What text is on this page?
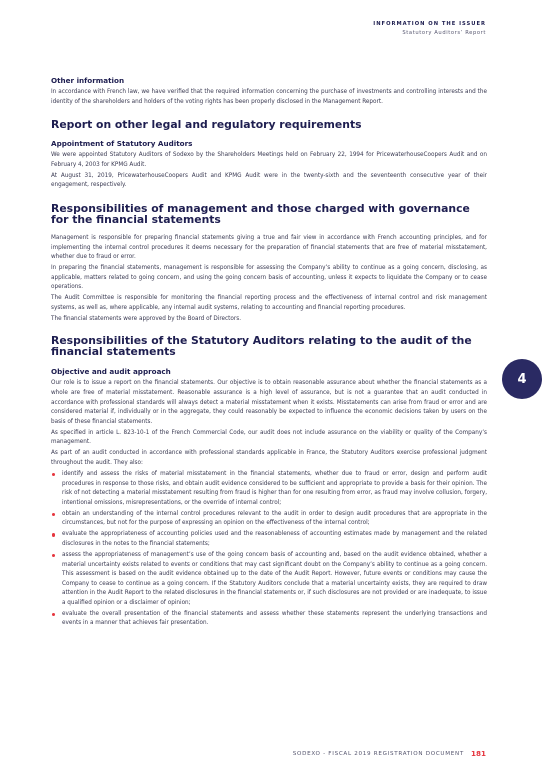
INFORMATION ON THE ISSUER
Statutory Auditors’ Report
Other information

In accordance with French law, we have verified that the required information concerning the purchase of investments and controlling interests and the identity of the shareholders and holders of the voting rights has been properly disclosed in the Management Report.

Report on other legal and regulatory requirements
Appointment of Statutory Auditors

We were appointed Statutory Auditors of Sodexo by the Shareholders Meetings held on February 22, 1994 for PricewaterhouseCoopers Audit and on February 4, 2003 for KPMG Audit.

At August 31, 2019, PricewaterhouseCoopers Audit and KPMG Audit were in the twenty-sixth and the seventeenth consecutive year of their engagement, respectively.

Responsibilities of management and those charged with governance for the financial statements

Management is responsible for preparing financial statements giving a true and fair view in accordance with French accounting principles, and for implementing the internal control procedures it deems necessary for the preparation of financial statements that are free of material misstatement, whether due to fraud or error.

In preparing the financial statements, management is responsible for assessing the Company’s ability to continue as a going concern, disclosing, as applicable, matters related to going concern, and using the going concern basis of accounting, unless it expects to liquidate the Company or to cease operations.

The Audit Committee is responsible for monitoring the financial reporting process and the effectiveness of internal control and risk management systems, as well as, where applicable, any internal audit systems, relating to accounting and financial reporting procedures.

The financial statements were approved by the Board of Directors.

Responsibilities of the Statutory Auditors relating to the audit of the financial statements
Objective and audit approach

Our role is to issue a report on the financial statements. Our objective is to obtain reasonable assurance about whether the financial statements as a whole are free of material misstatement. Reasonable assurance is a high level of assurance, but is not a guarantee that an audit conducted in accordance with professional standards will always detect a material misstatement when it exists. Misstatements can arise from fraud or error and are considered material if, individually or in the aggregate, they could reasonably be expected to influence the economic decisions taken by users on the basis of these financial statements.

As specified in article L. 823-10-1 of the French Commercial Code, our audit does not include assurance on the viability or quality of the Company’s management.

As part of an audit conducted in accordance with professional standards applicable in France, the Statutory Auditors exercise professional judgment throughout the audit. They also:

identify and assess the risks of material misstatement in the financial statements, whether due to fraud or error, design and perform audit procedures in response to those risks, and obtain audit evidence considered to be sufficient and appropriate to provide a basis for their opinion. The risk of not detecting a material misstatement resulting from fraud is higher than for one resulting from error, as fraud may involve collusion, forgery, intentional omissions, misrepresentations, or the override of internal control;
obtain an understanding of the internal control procedures relevant to the audit in order to design audit procedures that are appropriate in the circumstances, but not for the purpose of expressing an opinion on the effectiveness of the internal control;
evaluate the appropriateness of accounting policies used and the reasonableness of accounting estimates made by management and the related disclosures in the notes to the financial statements;
assess the appropriateness of management’s use of the going concern basis of accounting and, based on the audit evidence obtained, whether a material uncertainty exists related to events or conditions that may cast significant doubt on the Company’s ability to continue as a going concern. This assessment is based on the audit evidence obtained up to the date of the Audit Report. However, future events or conditions may cause the Company to cease to continue as a going concern. If the Statutory Auditors conclude that a material uncertainty exists, they are required to draw attention in the Audit Report to the related disclosures in the financial statements or, if such disclosures are not provided or are inadequate, to issue a qualified opinion or a disclaimer of opinion;
evaluate the overall presentation of the financial statements and assess whether these statements represent the underlying transactions and events in a manner that achieves fair presentation.
4
SODEXO - FISCAL 2019 REGISTRATION DOCUMENT 181
